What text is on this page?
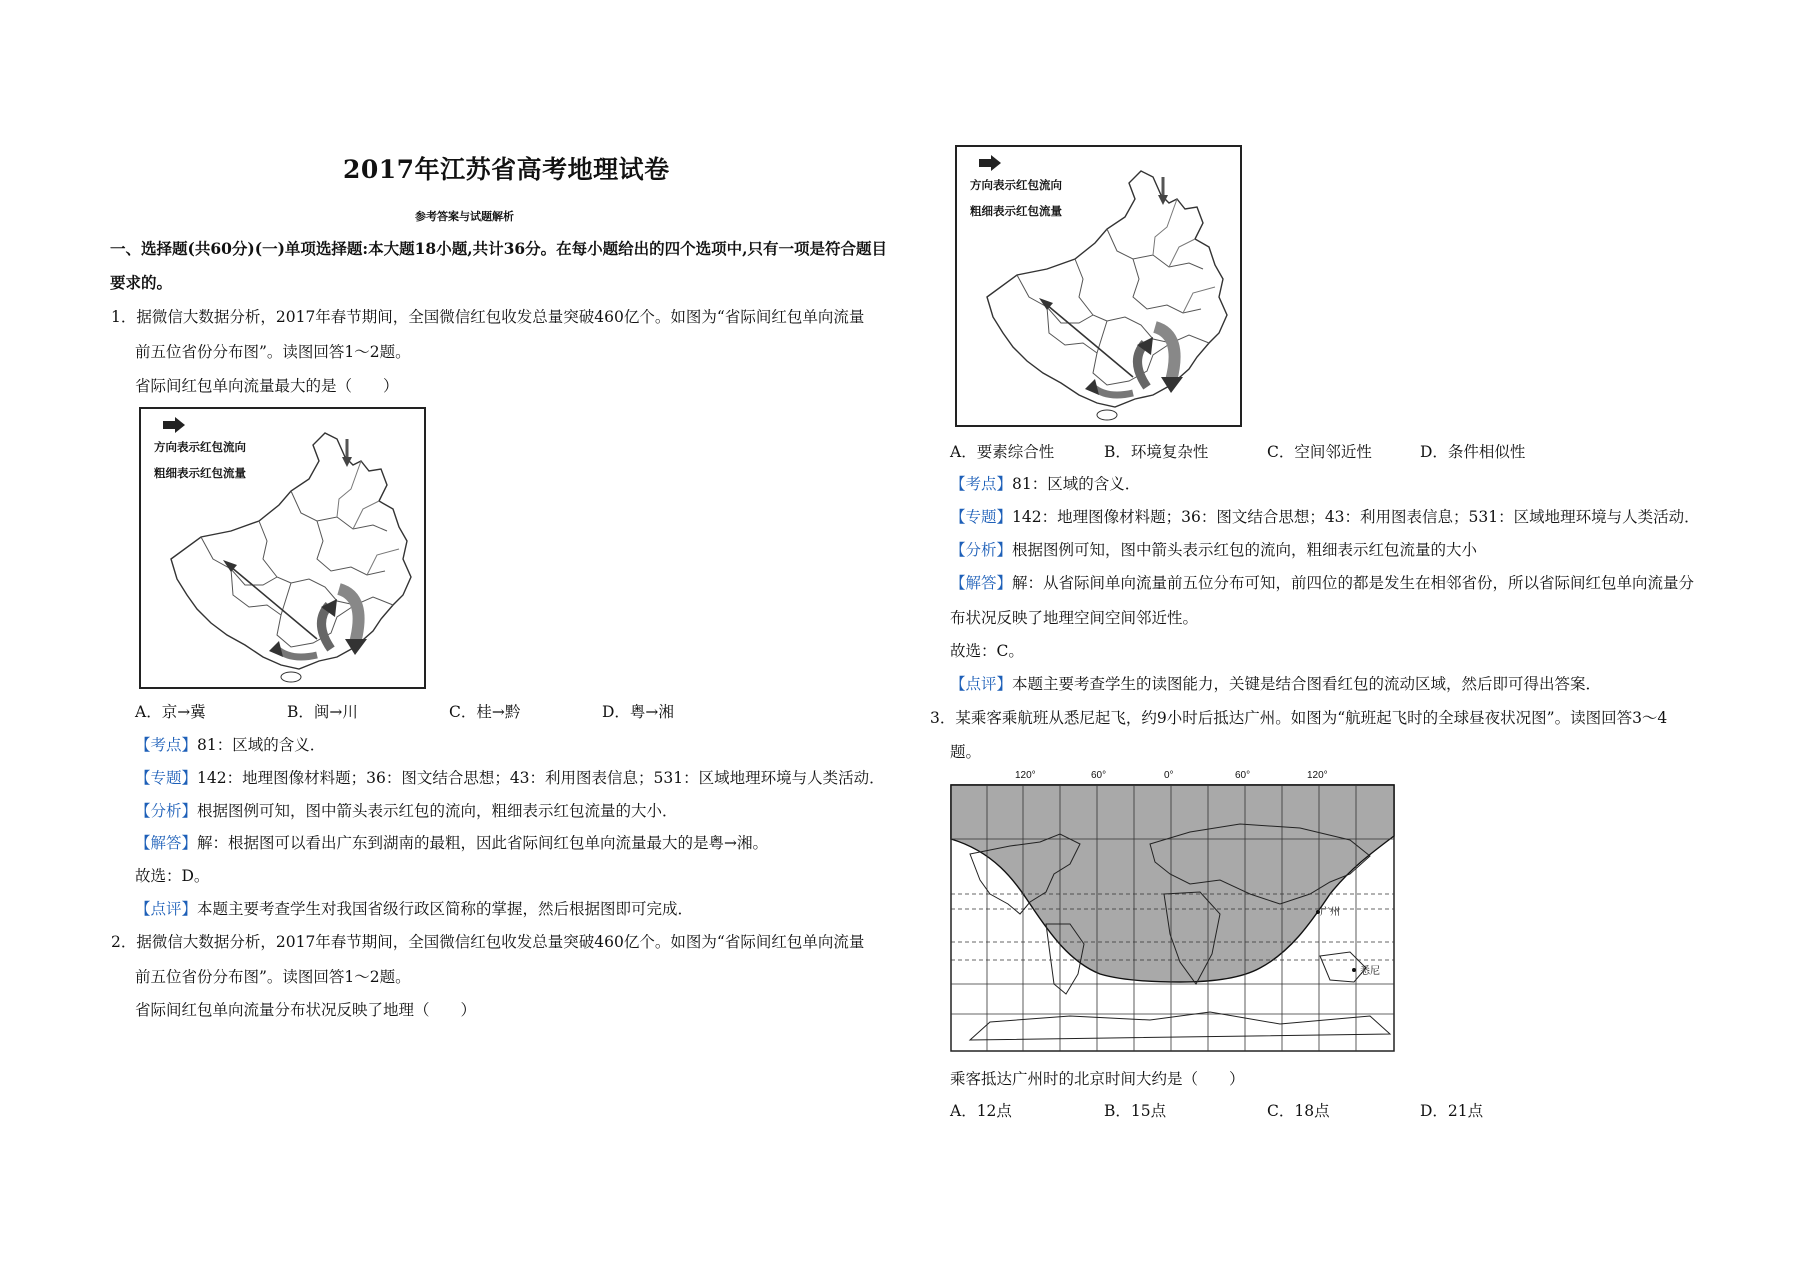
2017年江苏省高考地理试卷
参考答案与试题解析
一、选择题(共60分)(一)单项选择题:本大题18小题,共计36分。在每小题给出的四个选项中,只有一项是符合题目
要求的。
1．据微信大数据分析，2017年春节期间，全国微信红包收发总量突破460亿个。如图为“省际间红包单向流量
前五位省份分布图”。读图回答1～2题。
省际间红包单向流量最大的是（　　）
方向表示红包流向
粗细表示红包流量
A．京→冀	B．闽→川	C．桂→黔	D．粤→湘
【考点】81：区域的含义．
【专题】142：地理图像材料题；36：图文结合思想；43：利用图表信息；531：区域地理环境与人类活动．
【分析】根据图例可知，图中箭头表示红包的流向，粗细表示红包流量的大小．
【解答】解：根据图可以看出广东到湖南的最粗，因此省际间红包单向流量最大的是粤→湘。
故选：D。
【点评】本题主要考查学生对我国省级行政区简称的掌握，然后根据图即可完成．
2．据微信大数据分析，2017年春节期间，全国微信红包收发总量突破460亿个。如图为“省际间红包单向流量
前五位省份分布图”。读图回答1～2题。
省际间红包单向流量分布状况反映了地理（　　）
方向表示红包流向
粗细表示红包流量
A．要素综合性	B．环境复杂性	C．空间邻近性	D．条件相似性
【考点】81：区域的含义．
【专题】142：地理图像材料题；36：图文结合思想；43：利用图表信息；531：区域地理环境与人类活动．
【分析】根据图例可知，图中箭头表示红包的流向，粗细表示红包流量的大小
【解答】解：从省际间单向流量前五位分布可知，前四位的都是发生在相邻省份，所以省际间红包单向流量分
布状况反映了地理空间空间邻近性。
故选：C。
【点评】本题主要考查学生的读图能力，关键是结合图看红包的流动区域，然后即可得出答案．
3．某乘客乘航班从悉尼起飞，约9小时后抵达广州。如图为“航班起飞时的全球昼夜状况图”。读图回答3～4
题。
120°	60°	0°	60°	120°
广州
悉尼
乘客抵达广州时的北京时间大约是（　　）
A．12点	B．15点	C．18点	D．21点
